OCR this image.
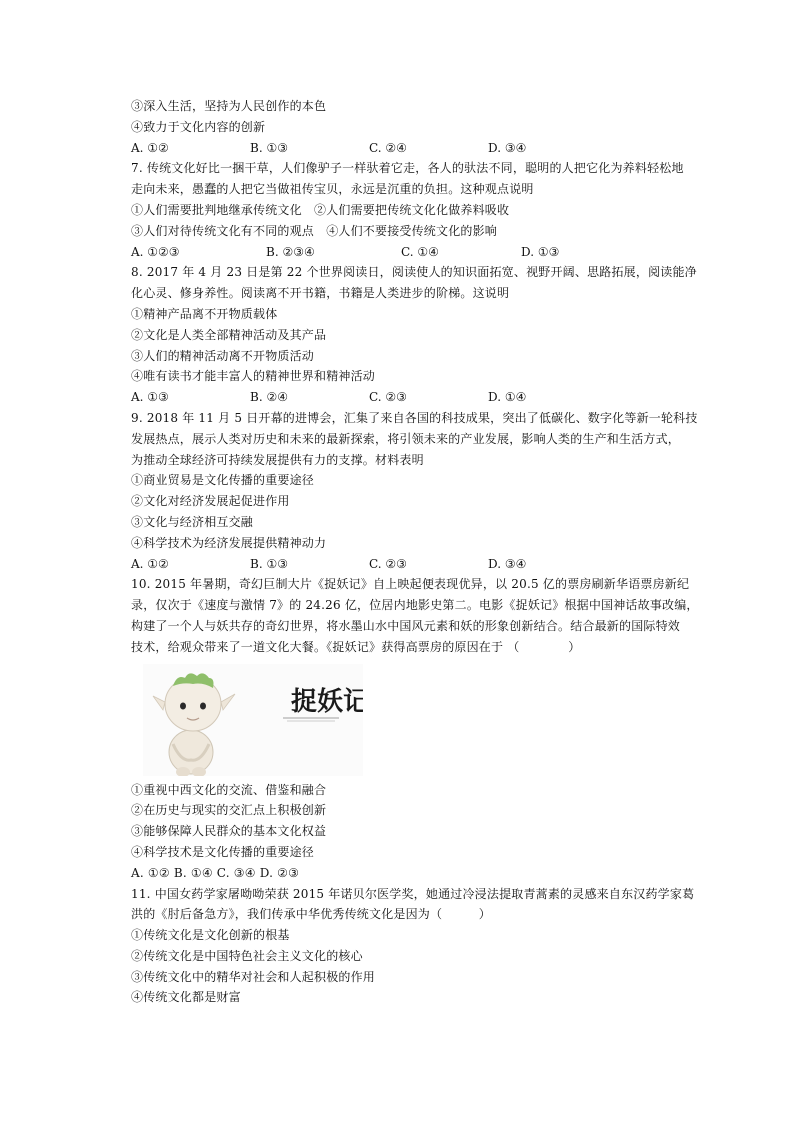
③深入生活，坚持为人民创作的本色
④致力于文化内容的创新
A. ①②	B. ①③	C. ②④	D. ③④
7. 传统文化好比一捆干草，人们像驴子一样驮着它走，各人的驮法不同，聪明的人把它化为养料轻松地
走向未来，愚蠢的人把它当做祖传宝贝，永远是沉重的负担。这种观点说明
①人们需要批判地继承传统文化　②人们需要把传统文化化做养料吸收
③人们对待传统文化有不同的观点　④人们不要接受传统文化的影响
A. ①②③	B. ②③④	C. ①④	D. ①③
8. 2017 年 4 月 23 日是第 22 个世界阅读日，阅读使人的知识面拓宽、视野开阔、思路拓展，阅读能净
化心灵、修身养性。阅读离不开书籍，书籍是人类进步的阶梯。这说明
①精神产品离不开物质载体
②文化是人类全部精神活动及其产品
③人们的精神活动离不开物质活动
④唯有读书才能丰富人的精神世界和精神活动
A. ①③	B. ②④	C. ②③	D. ①④
9. 2018 年 11 月 5 日开幕的进博会，汇集了来自各国的科技成果，突出了低碳化、数字化等新一轮科技
发展热点，展示人类对历史和未来的最新探索，将引领未来的产业发展，影响人类的生产和生活方式，
为推动全球经济可持续发展提供有力的支撑。材料表明
①商业贸易是文化传播的重要途径
②文化对经济发展起促进作用
③文化与经济相互交融
④科学技术为经济发展提供精神动力
A. ①②	B. ①③	C. ②③	D. ③④
10. 2015 年暑期，奇幻巨制大片《捉妖记》自上映起便表现优异，以 20.5 亿的票房刷新华语票房新纪
录，仅次于《速度与激情 7》的 24.26 亿，位居内地影史第二。电影《捉妖记》根据中国神话故事改编，
构建了一个人与妖共存的奇幻世界，将水墨山水中国风元素和妖的形象创新结合。结合最新的国际特效
技术，给观众带来了一道文化大餐。《捉妖记》获得高票房的原因在于 （　　　　）
捉妖记
①重视中西文化的交流、借鉴和融合
②在历史与现实的交汇点上积极创新
③能够保障人民群众的基本文化权益
④科学技术是文化传播的重要途径
A. ①② B. ①④ C. ③④ D. ②③
11. 中国女药学家屠呦呦荣获 2015 年诺贝尔医学奖，她通过冷浸法提取青蒿素的灵感来自东汉药学家葛
洪的《肘后备急方》，我们传承中华优秀传统文化是因为（　　　）
①传统文化是文化创新的根基
②传统文化是中国特色社会主义文化的核心
③传统文化中的精华对社会和人起积极的作用
④传统文化都是财富
